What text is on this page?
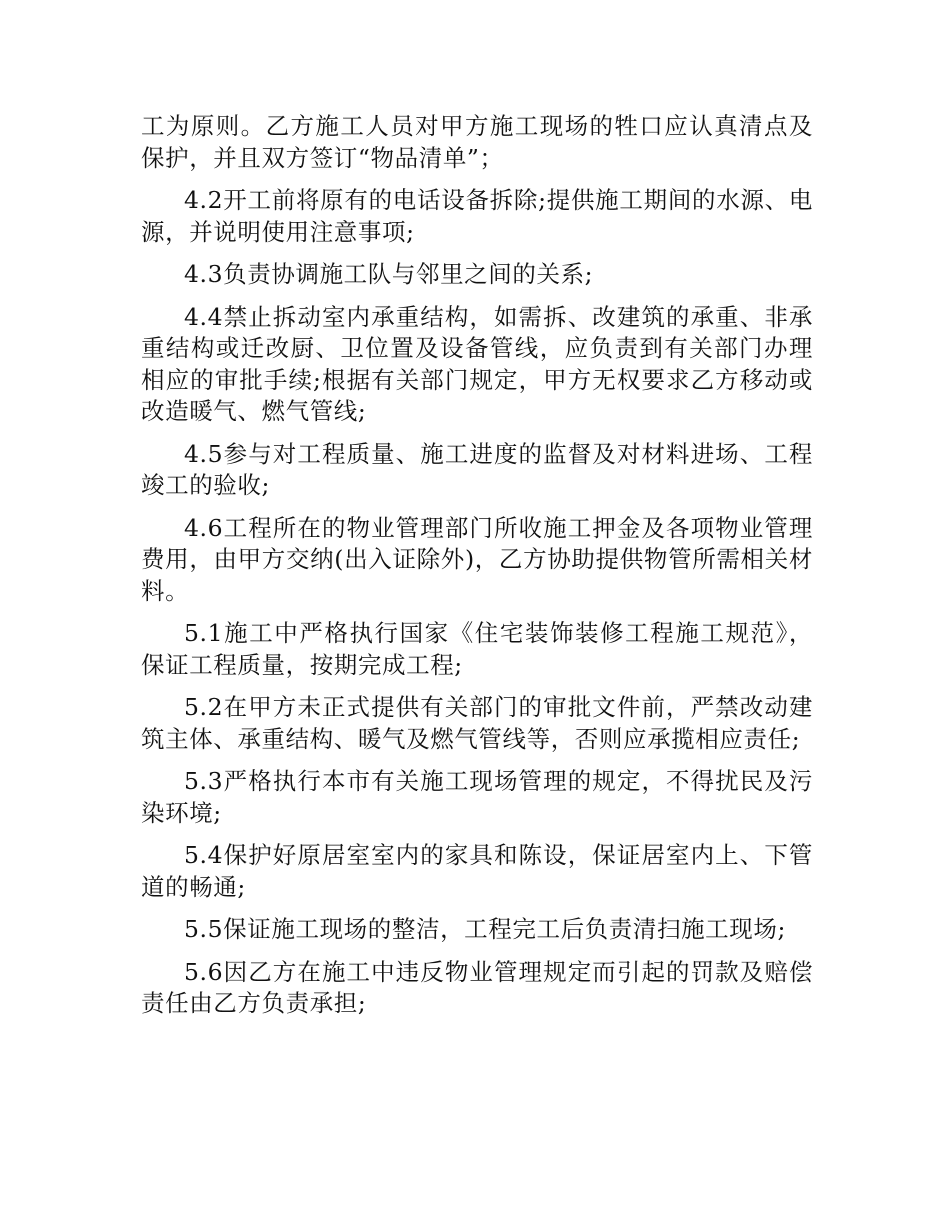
工为原则。乙方施工人员对甲方施工现场的牲口应认真清点及保护，并且双方签订“物品清单”；

4.2开工前将原有的电话设备拆除;提供施工期间的水源、电源，并说明使用注意事项;

4.3负责协调施工队与邻里之间的关系;

4.4禁止拆动室内承重结构，如需拆、改建筑的承重、非承重结构或迁改厨、卫位置及设备管线，应负责到有关部门办理相应的审批手续;根据有关部门规定，甲方无权要求乙方移动或改造暖气、燃气管线;

4.5参与对工程质量、施工进度的监督及对材料进场、工程竣工的验收;

4.6工程所在的物业管理部门所收施工押金及各项物业管理费用，由甲方交纳(出入证除外)，乙方协助提供物管所需相关材料。

5.1施工中严格执行国家《住宅装饰装修工程施工规范》，保证工程质量，按期完成工程;

5.2在甲方未正式提供有关部门的审批文件前，严禁改动建筑主体、承重结构、暖气及燃气管线等，否则应承揽相应责任;

5.3严格执行本市有关施工现场管理的规定，不得扰民及污染环境;

5.4保护好原居室室内的家具和陈设，保证居室内上、下管道的畅通;

5.5保证施工现场的整洁，工程完工后负责清扫施工现场;

5.6因乙方在施工中违反物业管理规定而引起的罚款及赔偿责任由乙方负责承担;
